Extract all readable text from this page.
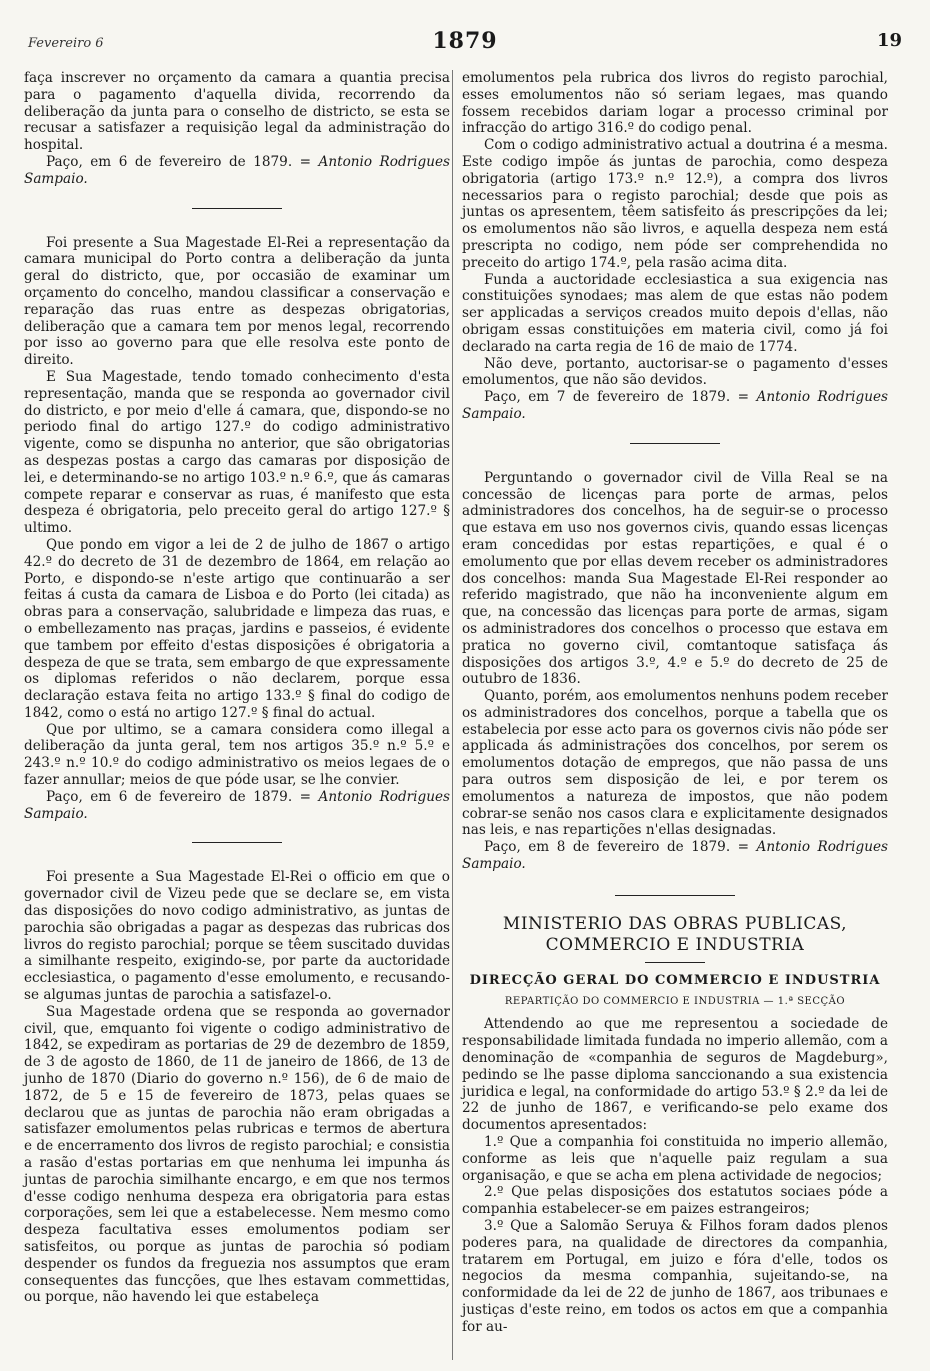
Fevereiro 6	1879	19

faça inscrever no orçamento da camara a quantia precisa para o pagamento d'aquella divida, recorrendo da deliberação da junta para o conselho de districto, se esta se recusar a satisfazer a requisição legal da administração do hospital.

Paço, em 6 de fevereiro de 1879. = Antonio Rodrigues Sampaio.

Foi presente a Sua Magestade El-Rei a representação da camara municipal do Porto contra a deliberação da junta geral do districto, que, por occasião de examinar um orçamento do concelho, mandou classificar a conservação e reparação das ruas entre as despezas obrigatorias, deliberação que a camara tem por menos legal, recorrendo por isso ao governo para que elle resolva este ponto de direito.

E Sua Magestade, tendo tomado conhecimento d'esta representação, manda que se responda ao governador civil do districto, e por meio d'elle á camara, que, dispondo-se no periodo final do artigo 127.º do codigo administrativo vigente, como se dispunha no anterior, que são obrigatorias as despezas postas a cargo das camaras por disposição de lei, e determinando-se no artigo 103.º n.º 6.º, que ás camaras compete reparar e conservar as ruas, é manifesto que esta despeza é obrigatoria, pelo preceito geral do artigo 127.º § ultimo.

Que pondo em vigor a lei de 2 de julho de 1867 o artigo 42.º do decreto de 31 de dezembro de 1864, em relação ao Porto, e dispondo-se n'este artigo que continuarão a ser feitas á custa da camara de Lisboa e do Porto (lei citada) as obras para a conservação, salubridade e limpeza das ruas, e o embellezamento nas praças, jardins e passeios, é evidente que tambem por effeito d'estas disposições é obrigatoria a despeza de que se trata, sem embargo de que expressamente os diplomas referidos o não declarem, porque essa declaração estava feita no artigo 133.º § final do codigo de 1842, como o está no artigo 127.º § final do actual.

Que por ultimo, se a camara considera como illegal a deliberação da junta geral, tem nos artigos 35.º n.º 5.º e 243.º n.º 10.º do codigo administrativo os meios legaes de o fazer annullar; meios de que póde usar, se lhe convier.

Paço, em 6 de fevereiro de 1879. = Antonio Rodrigues Sampaio.

Foi presente a Sua Magestade El-Rei o officio em que o governador civil de Vizeu pede que se declare se, em vista das disposições do novo codigo administrativo, as juntas de parochia são obrigadas a pagar as despezas das rubricas dos livros do registo parochial; porque se têem suscitado duvidas a similhante respeito, exigindo-se, por parte da auctoridade ecclesiastica, o pagamento d'esse emolumento, e recusando-se algumas juntas de parochia a satisfazel-o.

Sua Magestade ordena que se responda ao governador civil, que, emquanto foi vigente o codigo administrativo de 1842, se expediram as portarias de 29 de dezembro de 1859, de 3 de agosto de 1860, de 11 de janeiro de 1866, de 13 de junho de 1870 (Diario do governo n.º 156), de 6 de maio de 1872, de 5 e 15 de fevereiro de 1873, pelas quaes se declarou que as juntas de parochia não eram obrigadas a satisfazer emolumentos pelas rubricas e termos de abertura e de encerramento dos livros de registo parochial; e consistia a rasão d'estas portarias em que nenhuma lei impunha ás juntas de parochia similhante encargo, e em que nos termos d'esse codigo nenhuma despeza era obrigatoria para estas corporações, sem lei que a estabelecesse. Nem mesmo como despeza facultativa esses emolumentos podiam ser satisfeitos, ou porque as juntas de parochia só podiam despender os fundos da freguezia nos assumptos que eram consequentes das funcções, que lhes estavam commettidas, ou porque, não havendo lei que estabeleça

emolumentos pela rubrica dos livros do registo parochial, esses emolumentos não só seriam legaes, mas quando fossem recebidos dariam logar a processo criminal por infracção do artigo 316.º do codigo penal.

Com o codigo administrativo actual a doutrina é a mesma. Este codigo impõe ás juntas de parochia, como despeza obrigatoria (artigo 173.º n.º 12.º), a compra dos livros necessarios para o registo parochial; desde que pois as juntas os apresentem, têem satisfeito ás prescripções da lei; os emolumentos não são livros, e aquella despeza nem está prescripta no codigo, nem póde ser comprehendida no preceito do artigo 174.º, pela rasão acima dita.

Funda a auctoridade ecclesiastica a sua exigencia nas constituições synodaes; mas alem de que estas não podem ser applicadas a serviços creados muito depois d'ellas, não obrigam essas constituições em materia civil, como já foi declarado na carta regia de 16 de maio de 1774.

Não deve, portanto, auctorisar-se o pagamento d'esses emolumentos, que não são devidos.

Paço, em 7 de fevereiro de 1879. = Antonio Rodrigues Sampaio.

Perguntando o governador civil de Villa Real se na concessão de licenças para porte de armas, pelos administradores dos concelhos, ha de seguir-se o processo que estava em uso nos governos civis, quando essas licenças eram concedidas por estas repartições, e qual é o emolumento que por ellas devem receber os administradores dos concelhos: manda Sua Magestade El-Rei responder ao referido magistrado, que não ha inconveniente algum em que, na concessão das licenças para porte de armas, sigam os administradores dos concelhos o processo que estava em pratica no governo civil, comtantoque satisfaça ás disposições dos artigos 3.º, 4.º e 5.º do decreto de 25 de outubro de 1836.

Quanto, porém, aos emolumentos nenhuns podem receber os administradores dos concelhos, porque a tabella que os estabelecia por esse acto para os governos civis não póde ser applicada ás administrações dos concelhos, por serem os emolumentos dotação de empregos, que não passa de uns para outros sem disposição de lei, e por terem os emolumentos a natureza de impostos, que não podem cobrar-se senão nos casos clara e explicitamente designados nas leis, e nas repartições n'ellas designadas.

Paço, em 8 de fevereiro de 1879. = Antonio Rodrigues Sampaio.

MINISTERIO DAS OBRAS PUBLICAS, COMMERCIO E INDUSTRIA
DIRECÇÃO GERAL DO COMMERCIO E INDUSTRIA
REPARTIÇÃO DO COMMERCIO E INDUSTRIA — 1.ª SECÇÃO

Attendendo ao que me representou a sociedade de responsabilidade limitada fundada no imperio allemão, com a denominação de «companhia de seguros de Magdeburg», pedindo se lhe passe diploma sanccionando a sua existencia juridica e legal, na conformidade do artigo 53.º § 2.º da lei de 22 de junho de 1867, e verificando-se pelo exame dos documentos apresentados:

1.º Que a companhia foi constituida no imperio allemão, conforme as leis que n'aquelle paiz regulam a sua organisação, e que se acha em plena actividade de negocios;

2.º Que pelas disposições dos estatutos sociaes póde a companhia estabelecer-se em paizes estrangeiros;

3.º Que a Salomão Seruya & Filhos foram dados plenos poderes para, na qualidade de directores da companhia, tratarem em Portugal, em juizo e fóra d'elle, todos os negocios da mesma companhia, sujeitando-se, na conformidade da lei de 22 de junho de 1867, aos tribunaes e justiças d'este reino, em todos os actos em que a companhia for au-
